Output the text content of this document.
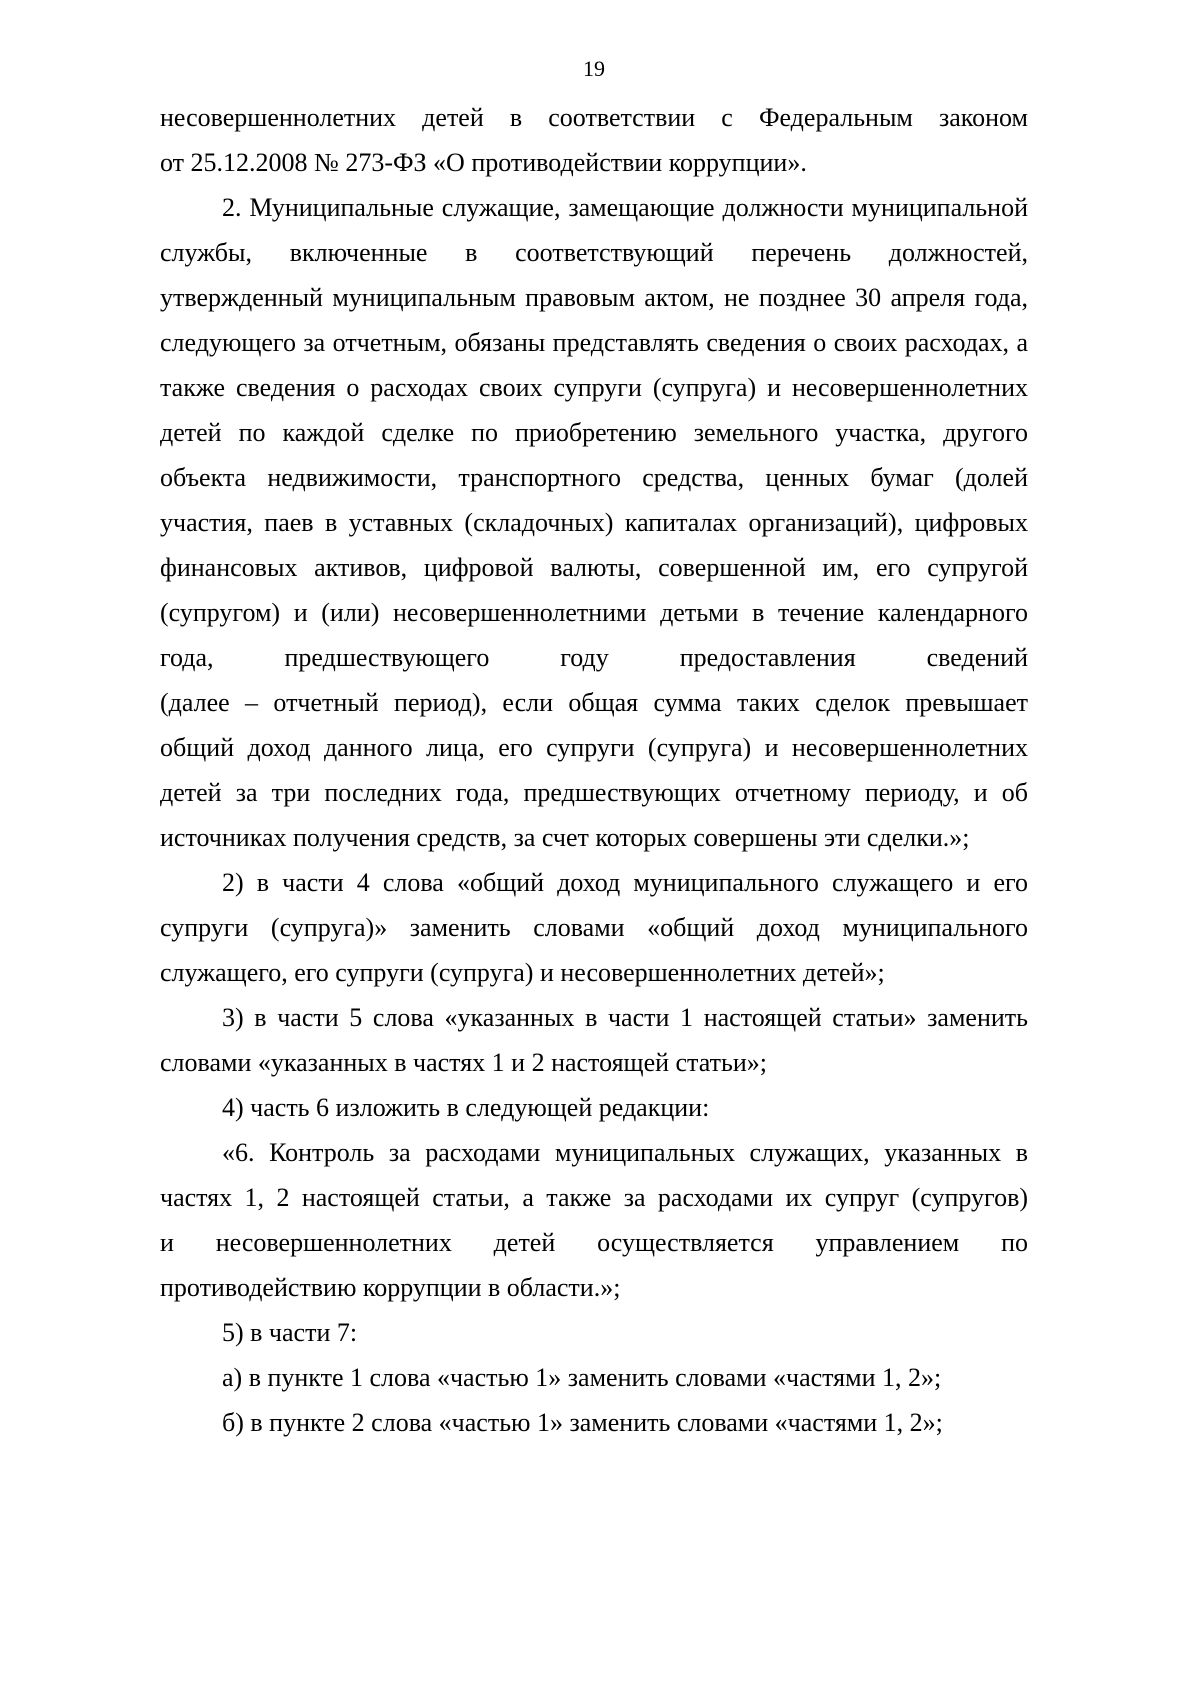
19
несовершеннолетних детей в соответствии с Федеральным законом
от 25.12.2008 № 273-ФЗ «О противодействии коррупции».
2. Муниципальные служащие, замещающие должности муниципальной
службы, включенные в соответствующий перечень должностей,
утвержденный муниципальным правовым актом, не позднее 30 апреля года,
следующего за отчетным, обязаны представлять сведения о своих расходах, а
также сведения о расходах своих супруги (супруга) и несовершеннолетних
детей по каждой сделке по приобретению земельного участка, другого
объекта недвижимости, транспортного средства, ценных бумаг (долей
участия, паев в уставных (складочных) капиталах организаций), цифровых
финансовых активов, цифровой валюты, совершенной им, его супругой
(супругом) и (или) несовершеннолетними детьми в течение календарного
года, предшествующего году предоставления сведений
(далее – отчетный период), если общая сумма таких сделок превышает
общий доход данного лица, его супруги (супруга) и несовершеннолетних
детей за три последних года, предшествующих отчетному периоду, и об
источниках получения средств, за счет которых совершены эти сделки.»;
2) в части 4 слова «общий доход муниципального служащего и его
супруги (супруга)» заменить словами «общий доход муниципального
служащего, его супруги (супруга) и несовершеннолетних детей»;
3) в части 5 слова «указанных в части 1 настоящей статьи» заменить
словами «указанных в частях 1 и 2 настоящей статьи»;
4) часть 6 изложить в следующей редакции:
«6. Контроль за расходами муниципальных служащих, указанных в
частях 1, 2 настоящей статьи, а также за расходами их супруг (супругов)
и несовершеннолетних детей осуществляется управлением по
противодействию коррупции в области.»;
5) в части 7:
а) в пункте 1 слова «частью 1» заменить словами «частями 1, 2»;
б) в пункте 2 слова «частью 1» заменить словами «частями 1, 2»;
